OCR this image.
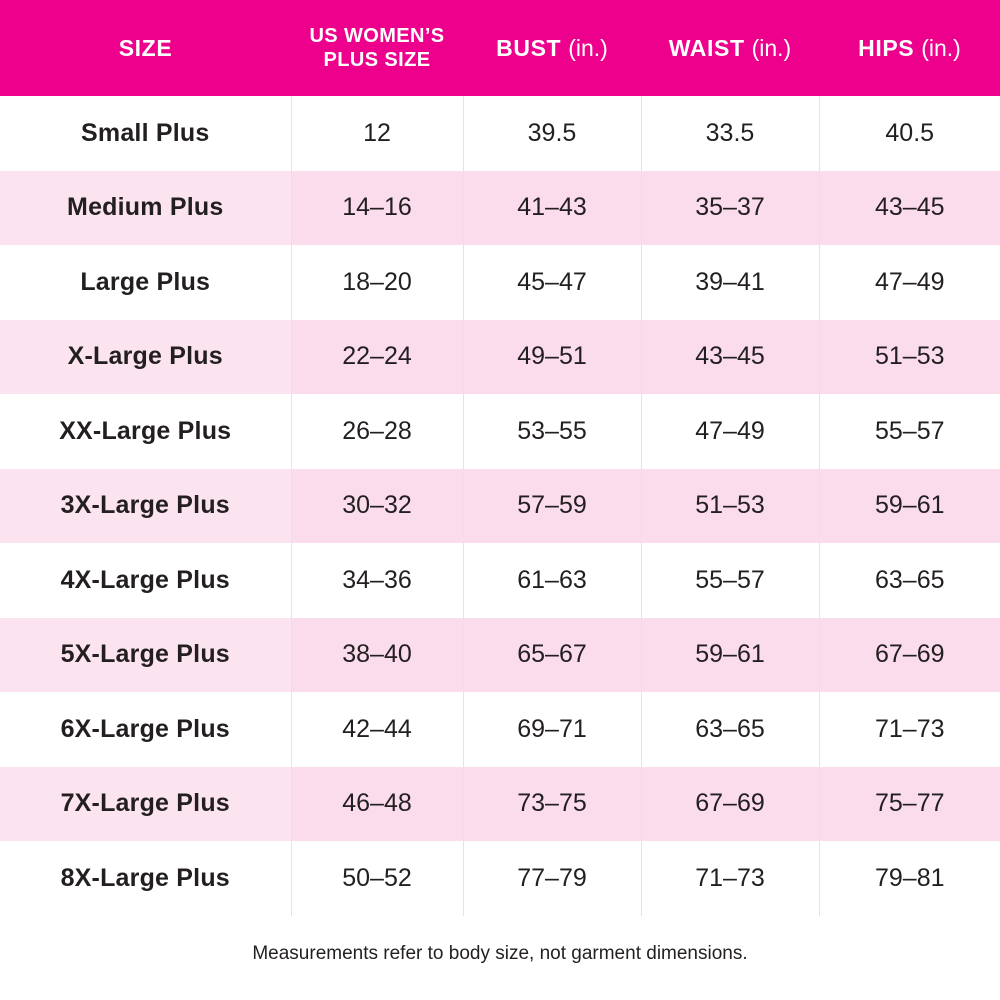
SIZE	US WOMEN’S PLUS SIZE	BUST (in.)	WAIST (in.)	HIPS (in.)
Small Plus	12	39.5	33.5	40.5
Medium Plus	14–16	41–43	35–37	43–45
Large Plus	18–20	45–47	39–41	47–49
X-Large Plus	22–24	49–51	43–45	51–53
XX-Large Plus	26–28	53–55	47–49	55–57
3X-Large Plus	30–32	57–59	51–53	59–61
4X-Large Plus	34–36	61–63	55–57	63–65
5X-Large Plus	38–40	65–67	59–61	67–69
6X-Large Plus	42–44	69–71	63–65	71–73
7X-Large Plus	46–48	73–75	67–69	75–77
8X-Large Plus	50–52	77–79	71–73	79–81
Measurements refer to body size, not garment dimensions.
